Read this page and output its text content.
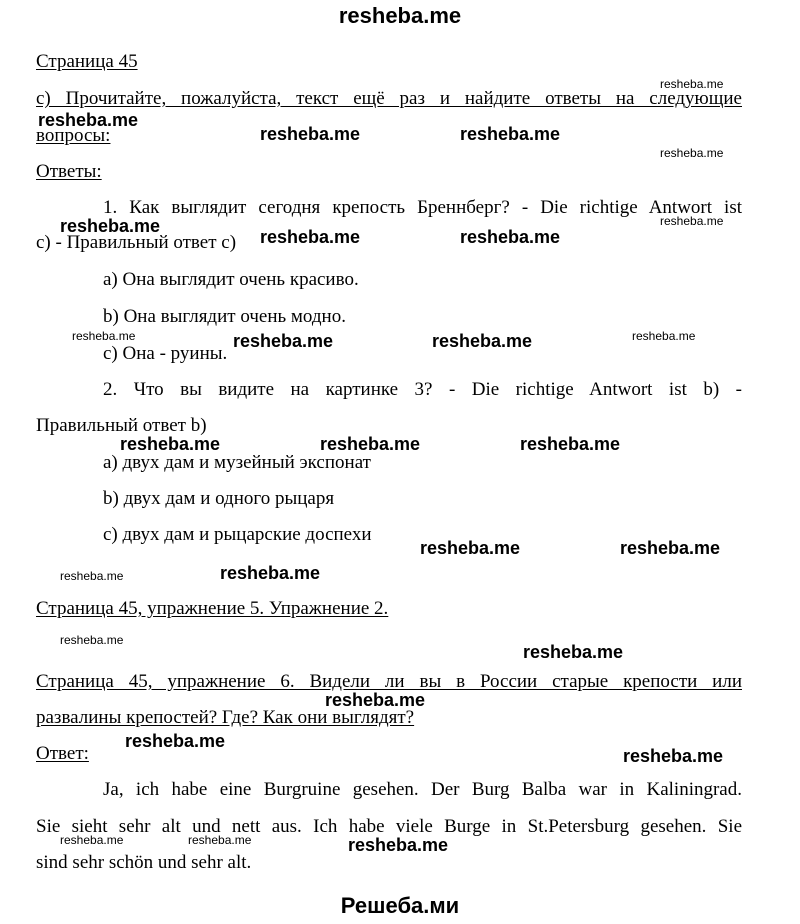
resheba.me
Решеба.ми
Страница 45
с) Прочитайте, пожалуйста, текст ещё раз и найдите ответы на следующие
вопросы:
Ответы:
1. Как выглядит сегодня крепость Бреннберг? - Die richtige Antwort ist
с) - Правильный ответ с)
а) Она выглядит очень красиво.
b) Она выглядит очень модно.
с) Она - руины.
2. Что вы видите на картинке 3? - Die richtige Antwort ist b) -
Правильный ответ b)
а) двух дам и музейный экспонат
b) двух дам и одного рыцаря
с) двух дам и рыцарские доспехи
Страница 45, упражнение 5. Упражнение 2.
Страница 45, упражнение 6. Видели ли вы в России старые крепости или
развалины крепостей? Где? Как они выглядят?
Ответ:
Ja, ich habe eine Burgruine gesehen. Der Burg Balba war in Kaliningrad.
Sie sieht sehr alt und nett aus. Ich habe viele Burge in St.Petersburg gesehen. Sie
sind sehr schön und sehr alt.
resheba.me
resheba.me	resheba.me
resheba.me
resheba.me	resheba.me
resheba.me	resheba.me
resheba.me	resheba.me	resheba.me
resheba.me	resheba.me
resheba.me
resheba.me
resheba.me
resheba.me
resheba.me
resheba.me
resheba.me
resheba.me
resheba.me
resheba.me	resheba.me
resheba.me
resheba.me
resheba.me	resheba.me
